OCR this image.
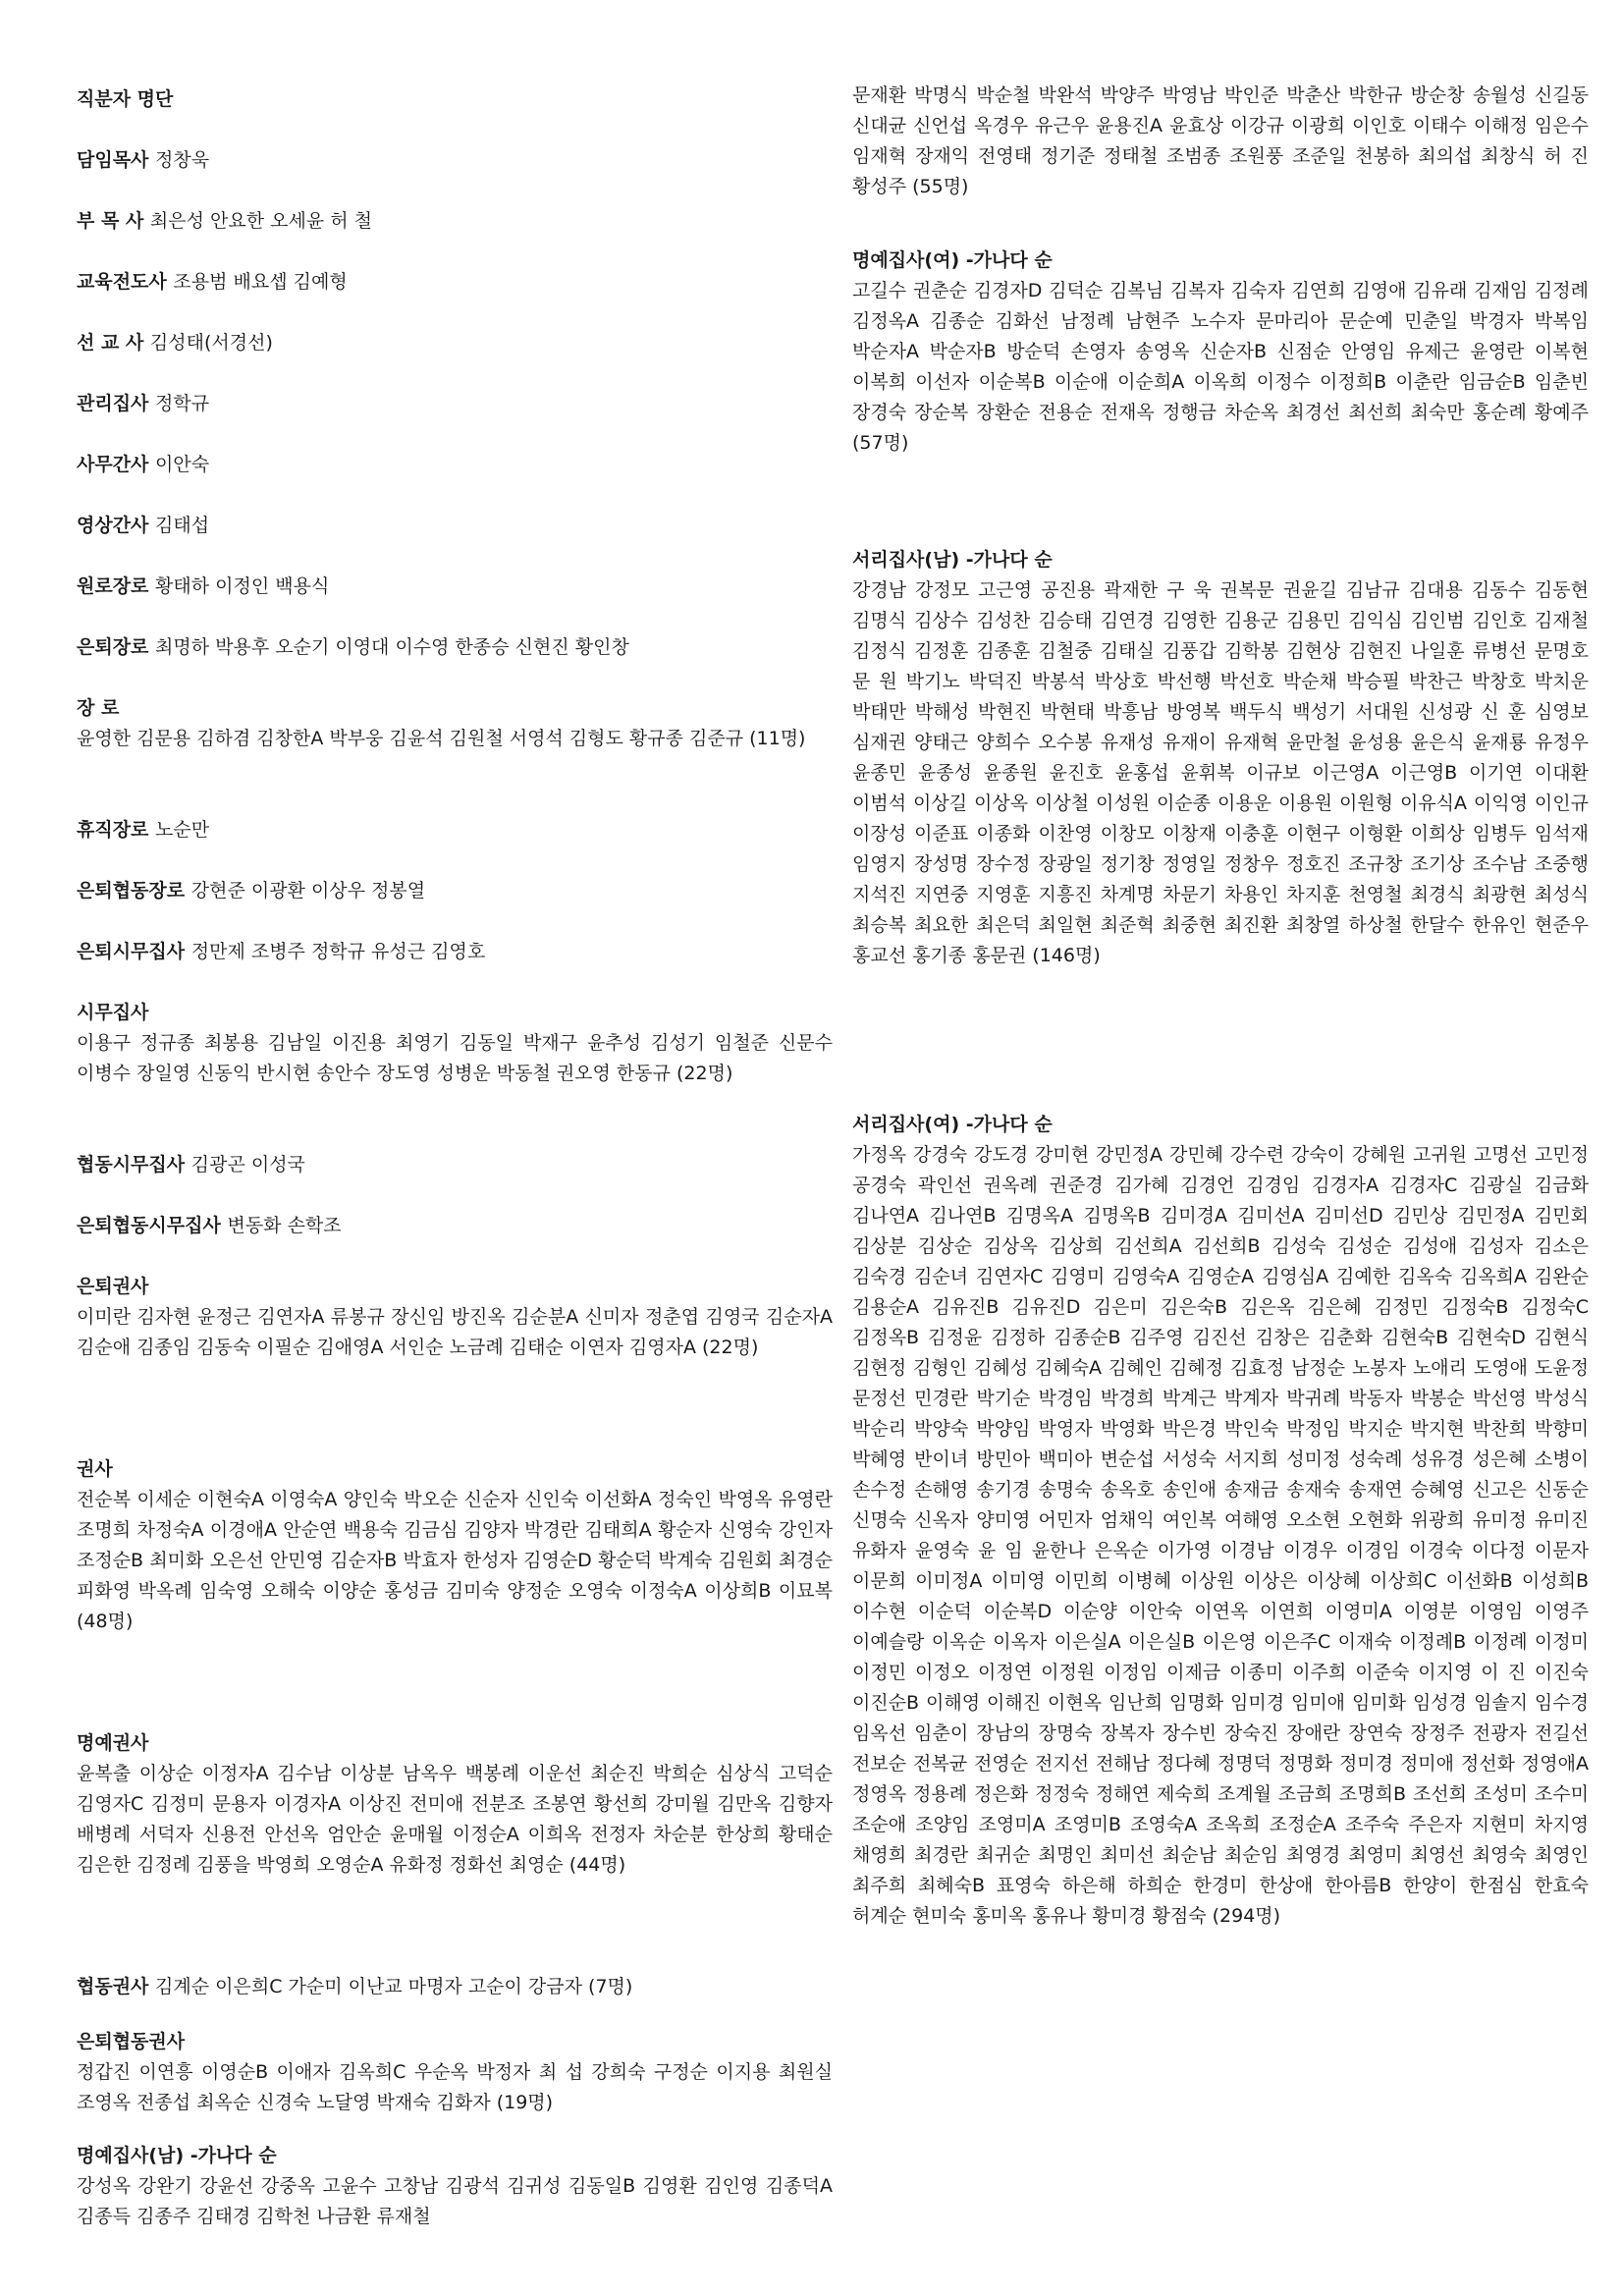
직분자 명단
담임목사 정창욱
부 목 사 최은성 안요한 오세윤 허 철
교육전도사 조용범 배요셉 김예형
선 교 사 김성태(서경선)
관리집사 정학규
사무간사 이안숙
영상간사 김태섭
원로장로 황태하 이정인 백용식
은퇴장로 최명하 박용후 오순기 이영대 이수영 한종승 신현진 황인창
장 로
윤영한 김문용 김하겸 김창한A 박부웅 김윤석 김원철 서영석 김형도 황규종 김준규 (11명)
휴직장로 노순만
은퇴협동장로 강현준 이광환 이상우 정봉열
은퇴시무집사 정만제 조병주 정학규 유성근 김영호
시무집사
이용구 정규종 최봉용 김남일 이진용 최영기 김동일 박재구 윤추성 김성기 임철준 신문수 이병수 장일영 신동익 반시현 송안수 장도영 성병운 박동철 권오영 한동규 (22명)
협동시무집사 김광곤 이성국
은퇴협동시무집사 변동화 손학조
은퇴권사
이미란 김자현 윤정근 김연자A 류봉규 장신임 방진옥 김순분A 신미자 정춘엽 김영국 김순자A 김순애 김종임 김동숙 이필순 김애영A 서인순 노금례 김태순 이연자 김영자A (22명)
권사
전순복 이세순 이현숙A 이영숙A 양인숙 박오순 신순자 신인숙 이선화A 정숙인 박영옥 유영란 조명희 차정숙A 이경애A 안순연 백용숙 김금심 김양자 박경란 김태희A 황순자 신영숙 강인자 조정순B 최미화 오은선 안민영 김순자B 박효자 한성자 김영순D 황순덕 박계숙 김원회 최경순 피화영 박옥례 임숙영 오해숙 이양순 홍성금 김미숙 양정순 오영숙 이정숙A 이상희B 이묘복 (48명)
명예권사
윤복출 이상순 이정자A 김수남 이상분 남옥우 백봉례 이운선 최순진 박희순 심상식 고덕순 김영자C 김정미 문용자 이경자A 이상진 전미애 전분조 조봉연 황선희 강미월 김만옥 김향자 배병례 서덕자 신용전 안선옥 엄안순 윤매월 이정순A 이희옥 전정자 차순분 한상희 황태순 김은한 김정례 김풍을 박영희 오영순A 유화정 정화선 최영순 (44명)
협동권사 김계순 이은희C 가순미 이난교 마명자 고순이 강금자 (7명)
은퇴협동권사
정갑진 이연흥 이영순B 이애자 김옥희C 우순옥 박정자 최 섭 강희숙 구정순 이지용 최원실 조영옥 전종섭 최옥순 신경숙 노달영 박재숙 김화자 (19명)
명예집사(남) -가나다 순
강성옥 강완기 강윤선 강중옥 고윤수 고창남 김광석 김귀성 김동일B 김영환 김인영 김종덕A 김종득 김종주 김태경 김학천 나금환 류재철
문재환 박명식 박순철 박완석 박양주 박영남 박인준 박춘산 박한규 방순창 송월성 신길동 신대균 신언섭 옥경우 유근우 윤용진A 윤효상 이강규 이광희 이인호 이태수 이해정 임은수 임재혁 장재익 전영태 정기준 정태철 조범종 조원풍 조준일 천봉하 최의섭 최창식 허 진 황성주 (55명)
명예집사(여) -가나다 순
고길수 권춘순 김경자D 김덕순 김복님 김복자 김숙자 김연희 김영애 김유래 김재임 김정례 김정옥A 김종순 김화선 남정례 남현주 노수자 문마리아 문순예 민춘일 박경자 박복임 박순자A 박순자B 방순덕 손영자 송영옥 신순자B 신점순 안영임 유제근 윤영란 이복현 이복희 이선자 이순복B 이순애 이순희A 이옥희 이정수 이정희B 이춘란 임금순B 임춘빈 장경숙 장순복 장환순 전용순 전재옥 정행금 차순옥 최경선 최선희 최숙만 홍순례 황예주 (57명)
서리집사(남) -가나다 순
강경남 강정모 고근영 공진용 곽재한 구 욱 권복문 권윤길 김남규 김대용 김동수 김동현 김명식 김상수 김성찬 김승태 김연경 김영한 김용군 김용민 김익심 김인범 김인호 김재철 김정식 김정훈 김종훈 김철중 김태실 김풍갑 김학봉 김현상 김현진 나일훈 류병선 문명호 문 원 박기노 박덕진 박봉석 박상호 박선행 박선호 박순채 박승필 박찬근 박창호 박치운 박태만 박해성 박현진 박현태 박흥남 방영복 백두식 백성기 서대원 신성광 신 훈 심영보 심재권 양태근 양희수 오수봉 유재성 유재이 유재혁 윤만철 윤성용 윤은식 윤재룡 유정우 윤종민 윤종성 윤종원 윤진호 윤홍섭 윤휘복 이규보 이근영A 이근영B 이기연 이대환 이범석 이상길 이상옥 이상철 이성원 이순종 이용운 이용원 이원형 이유식A 이익영 이인규 이장성 이준표 이종화 이찬영 이창모 이창재 이충훈 이현구 이형환 이희상 임병두 임석재 임영지 장성명 장수정 장광일 정기창 정영일 정창우 정호진 조규창 조기상 조수남 조중행 지석진 지연중 지영훈 지흥진 차계명 차문기 차용인 차지훈 천영철 최경식 최광현 최성식 최승복 최요한 최은덕 최일현 최준혁 최중현 최진환 최창열 하상철 한달수 한유인 현준우 홍교선 홍기종 홍문권 (146명)
서리집사(여) -가나다 순
가정옥 강경숙 강도경 강미현 강민정A 강민혜 강수련 강숙이 강혜원 고귀원 고명선 고민정 공경숙 곽인선 권옥례 권준경 김가혜 김경언 김경임 김경자A 김경자C 김광실 김금화 김나연A 김나연B 김명옥A 김명옥B 김미경A 김미선A 김미선D 김민상 김민정A 김민회 김상분 김상순 김상옥 김상희 김선희A 김선희B 김성숙 김성순 김성애 김성자 김소은 김숙경 김순녀 김연자C 김영미 김영숙A 김영순A 김영심A 김예한 김옥숙 김옥희A 김완순 김용순A 김유진B 김유진D 김은미 김은숙B 김은옥 김은혜 김정민 김정숙B 김정숙C 김정옥B 김정윤 김정하 김종순B 김주영 김진선 김창은 김춘화 김현숙B 김현숙D 김현식 김현정 김형인 김혜성 김혜숙A 김혜인 김혜정 김효정 남정순 노봉자 노애리 도영애 도윤정 문정선 민경란 박기순 박경임 박경희 박계근 박계자 박귀례 박동자 박봉순 박선영 박성식 박순리 박양숙 박양임 박영자 박영화 박은경 박인숙 박정임 박지순 박지현 박찬희 박향미 박혜영 반이녀 방민아 백미아 변순섭 서성숙 서지희 성미정 성숙례 성유경 성은혜 소병이 손수정 손해영 송기경 송명숙 송옥호 송인애 송재금 송재숙 송재연 승혜영 신고은 신동순 신명숙 신옥자 양미영 어민자 엄채익 여인복 여해영 오소현 오현화 위광희 유미정 유미진 유화자 윤영숙 윤 임 윤한나 은옥순 이가영 이경남 이경우 이경임 이경숙 이다정 이문자 이문희 이미정A 이미영 이민희 이병혜 이상원 이상은 이상혜 이상희C 이선화B 이성희B 이수현 이순덕 이순복D 이순양 이안숙 이연옥 이연희 이영미A 이영분 이영임 이영주 이예슬랑 이옥순 이옥자 이은실A 이은실B 이은영 이은주C 이재숙 이정례B 이정례 이정미 이정민 이정오 이정연 이정원 이정임 이제금 이종미 이주희 이준숙 이지영 이 진 이진숙 이진순B 이해영 이해진 이현옥 임난희 임명화 임미경 임미애 임미화 임성경 임솔지 임수경 임옥선 임춘이 장남의 장명숙 장복자 장수빈 장숙진 장애란 장연숙 장정주 전광자 전길선 전보순 전복균 전영순 전지선 전해남 정다혜 정명덕 정명화 정미경 정미애 정선화 정영애A 정영옥 정용례 정은화 정정숙 정해연 제숙희 조계월 조금희 조명희B 조선희 조성미 조수미 조순애 조양임 조영미A 조영미B 조영숙A 조옥희 조정순A 조주숙 주은자 지현미 차지영 채영희 최경란 최귀순 최명인 최미선 최순남 최순임 최영경 최영미 최영선 최영숙 최영인 최주희 최혜숙B 표영숙 하은해 하희순 한경미 한상애 한아름B 한양이 한점심 한효숙 허계순 현미숙 홍미옥 홍유나 황미경 황점숙 (294명)
